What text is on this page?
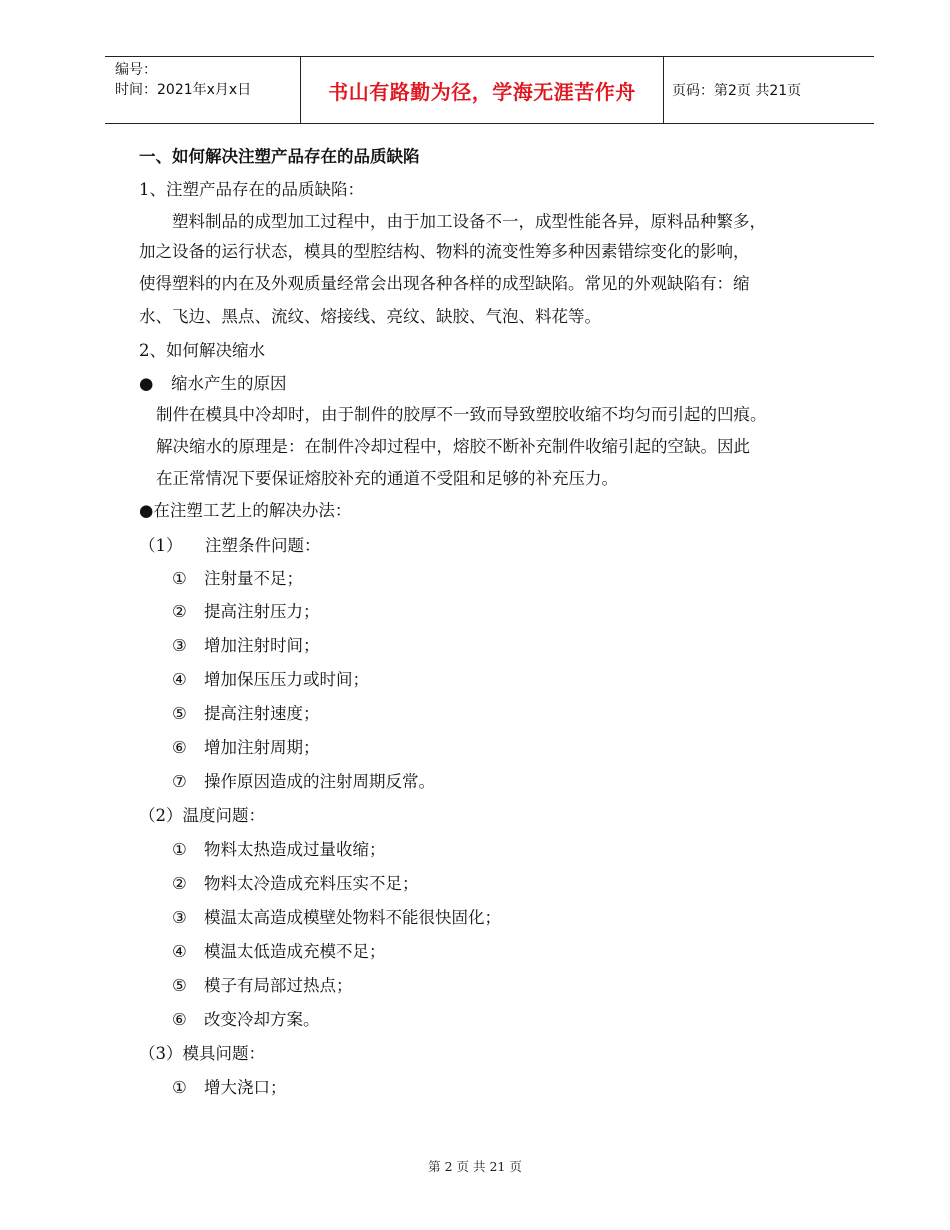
编号：
时间：2021年x月x日	书山有路勤为径，学海无涯苦作舟	页码：第2页 共21页
一、如何解决注塑产品存在的品质缺陷
1、注塑产品存在的品质缺陷：
塑料制品的成型加工过程中，由于加工设备不一，成型性能各异，原料品种繁多，
加之设备的运行状态，模具的型腔结构、物料的流变性筹多种因素错综变化的影响，
使得塑料的内在及外观质量经常会出现各种各样的成型缺陷。常见的外观缺陷有：缩
水、飞边、黑点、流纹、熔接线、亮纹、缺胶、气泡、料花等。
2、如何解决缩水
● 缩水产生的原因
制件在模具中冷却时，由于制件的胶厚不一致而导致塑胶收缩不均匀而引起的凹痕。
解决缩水的原理是：在制件冷却过程中，熔胶不断补充制件收缩引起的空缺。因此
在正常情况下要保证熔胶补充的通道不受阻和足够的补充压力。
●在注塑工艺上的解决办法：
（1） 注塑条件问题：
① 注射量不足；
② 提高注射压力；
③ 增加注射时间；
④ 增加保压压力或时间；
⑤ 提高注射速度；
⑥ 增加注射周期；
⑦ 操作原因造成的注射周期反常。
（2）温度问题：
① 物料太热造成过量收缩；
② 物料太冷造成充料压实不足；
③ 模温太高造成模壁处物料不能很快固化；
④ 模温太低造成充模不足；
⑤ 模子有局部过热点；
⑥ 改变冷却方案。
（3）模具问题：
① 增大浇口；
第 2 页 共 21 页
